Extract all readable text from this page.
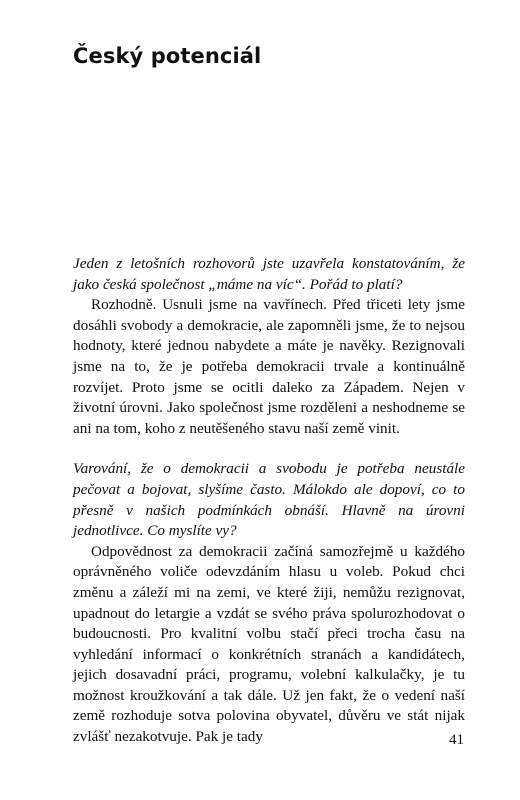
Český potenciál

Jeden z letošních rozhovorů jste uzavřela konstatováním, že jako česká společnost „máme na víc“. Pořád to platí?

Rozhodně. Usnuli jsme na vavřínech. Před třiceti lety jsme dosáhli svobody a demokracie, ale zapomněli jsme, že to nejsou hodnoty, které jednou nabydete a máte je navěky. Rezignovali jsme na to, že je potřeba demokracii trvale a kontinuálně rozvíjet. Proto jsme se ocitli daleko za Západem. Nejen v životní úrovni. Jako společnost jsme rozděleni a neshodneme se ani na tom, koho z neutěšeného stavu naší země vinit.

Varování, že o demokracii a svobodu je potřeba neustále pečovat a bojovat, slyšíme často. Málokdo ale dopoví, co to přesně v našich podmínkách obnáší. Hlavně na úrovni jednotlivce. Co myslíte vy?

Odpovědnost za demokracii začíná samozřejmě u každého oprávněného voliče odevzdáním hlasu u voleb. Pokud chci změnu a záleží mi na zemi, ve které žiji, nemůžu rezignovat, upadnout do letargie a vzdát se svého práva spolurozhodovat o budoucnosti. Pro kvalitní volbu stačí přeci trocha času na vyhledání informací o konkrétních stranách a kandidátech, jejich dosavadní práci, programu, volební kalkulačky, je tu možnost kroužkování a tak dále. Už jen fakt, že o vedení naší země rozhoduje sotva polovina obyvatel, důvěru ve stát nijak zvlášť nezakotvuje. Pak je tady	41
